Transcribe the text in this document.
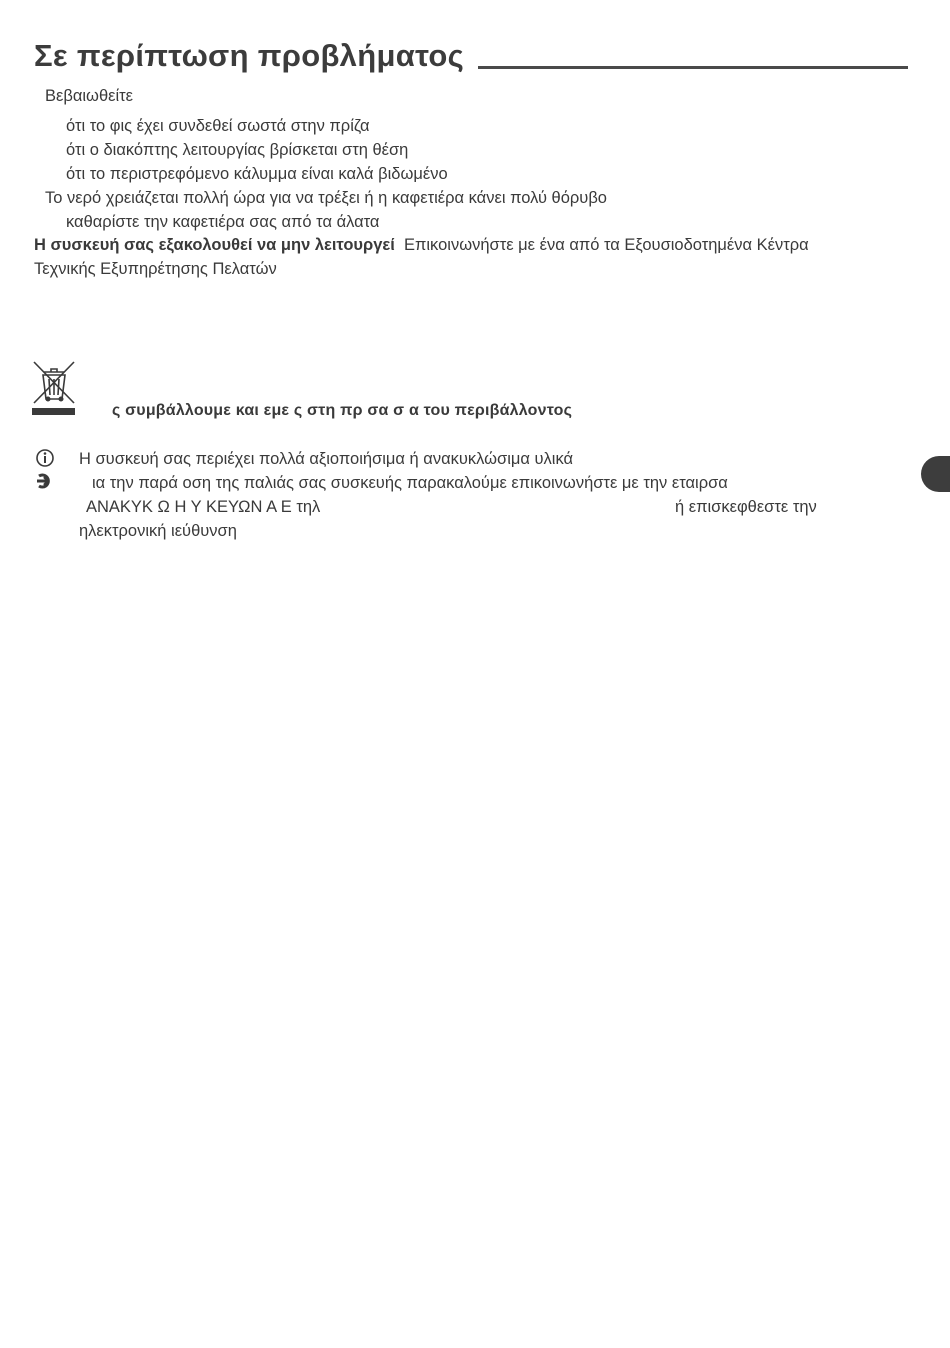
Σε περίπτωση προβλήματος
Βεβαιωθείτε
ότι το φις έχει συνδεθεί σωστά στην πρίζα
ότι ο διακόπτης λειτουργίας βρίσκεται στη θέση
ότι το περιστρεφόμενο κάλυμμα είναι καλά βιδωμένο
Το νερό χρειάζεται πολλή ώρα για να τρέξει ή η καφετιέρα κάνει πολύ θόρυβο
καθαρίστε την καφετιέρα σας από τα άλατα
Η συσκευή σας εξακολουθεί να μην λειτουργεί Επικοινωνήστε με ένα από τα Εξουσιοδοτημένα Κέντρα
Τεχνικής Εξυπηρέτησης Πελατών
ς συμβάλλουμε και εμε ς στη πρ σα σ α του περιβάλλοντος
Η συσκευή σας περιέχει πολλά αξιοποιήσιμα ή ανακυκλώσιμα υλικά
ια την παρά οση της παλιάς σας συσκευής παρακαλούμε επικοινωνήστε με την εταιρσα
ΑΝΑΚΥΚ Ω Η Υ ΚΕΥΩΝ Α Ε τηλ	ή επισκεφθεστε την
ηλεκτρονική ιεύθυνση
